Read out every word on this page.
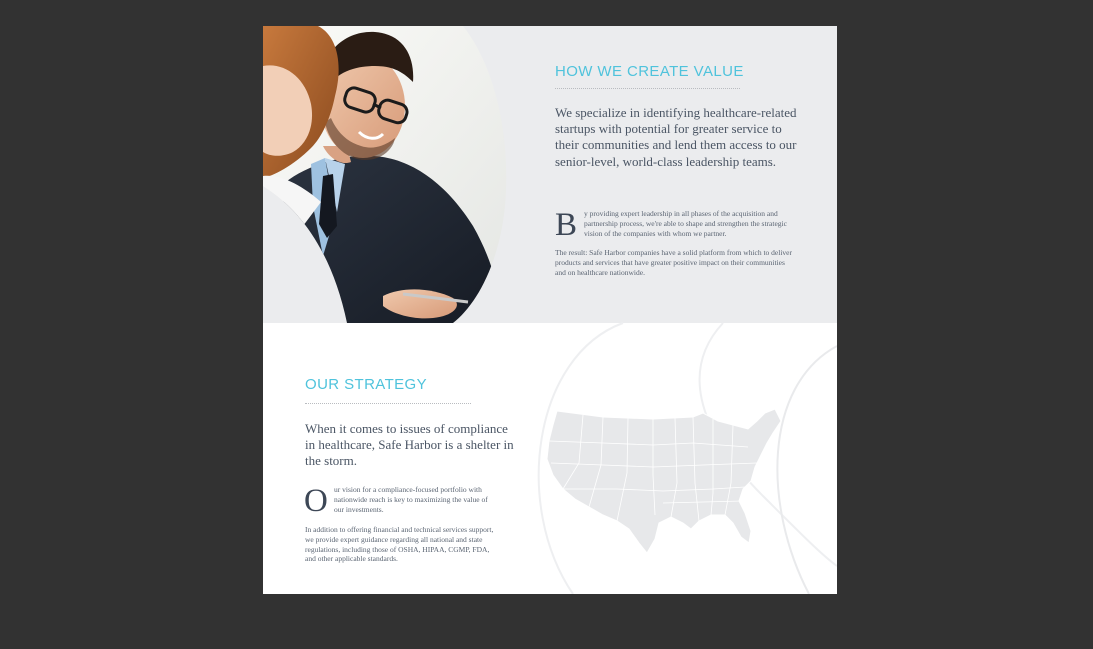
HOW WE CREATE VALUE
We specialize in identifying healthcare-related startups with potential for greater service to their communities and lend them access to our senior-level, world-class leadership teams.
B y providing expert leadership in all phases of the acquisition and partnership process, we're able to shape and strengthen the strategic vision of the companies with whom we partner.
The result: Safe Harbor companies have a solid platform from which to deliver products and services that have greater positive impact on their communities and on healthcare nationwide.
OUR STRATEGY
When it comes to issues of compliance in healthcare, Safe Harbor is a shelter in the storm.
O ur vision for a compliance-focused portfolio with nationwide reach is key to maximizing the value of our investments.
In addition to offering financial and technical services support, we provide expert guidance regarding all national and state regulations, including those of OSHA, HIPAA, CGMP, FDA, and other applicable standards.
